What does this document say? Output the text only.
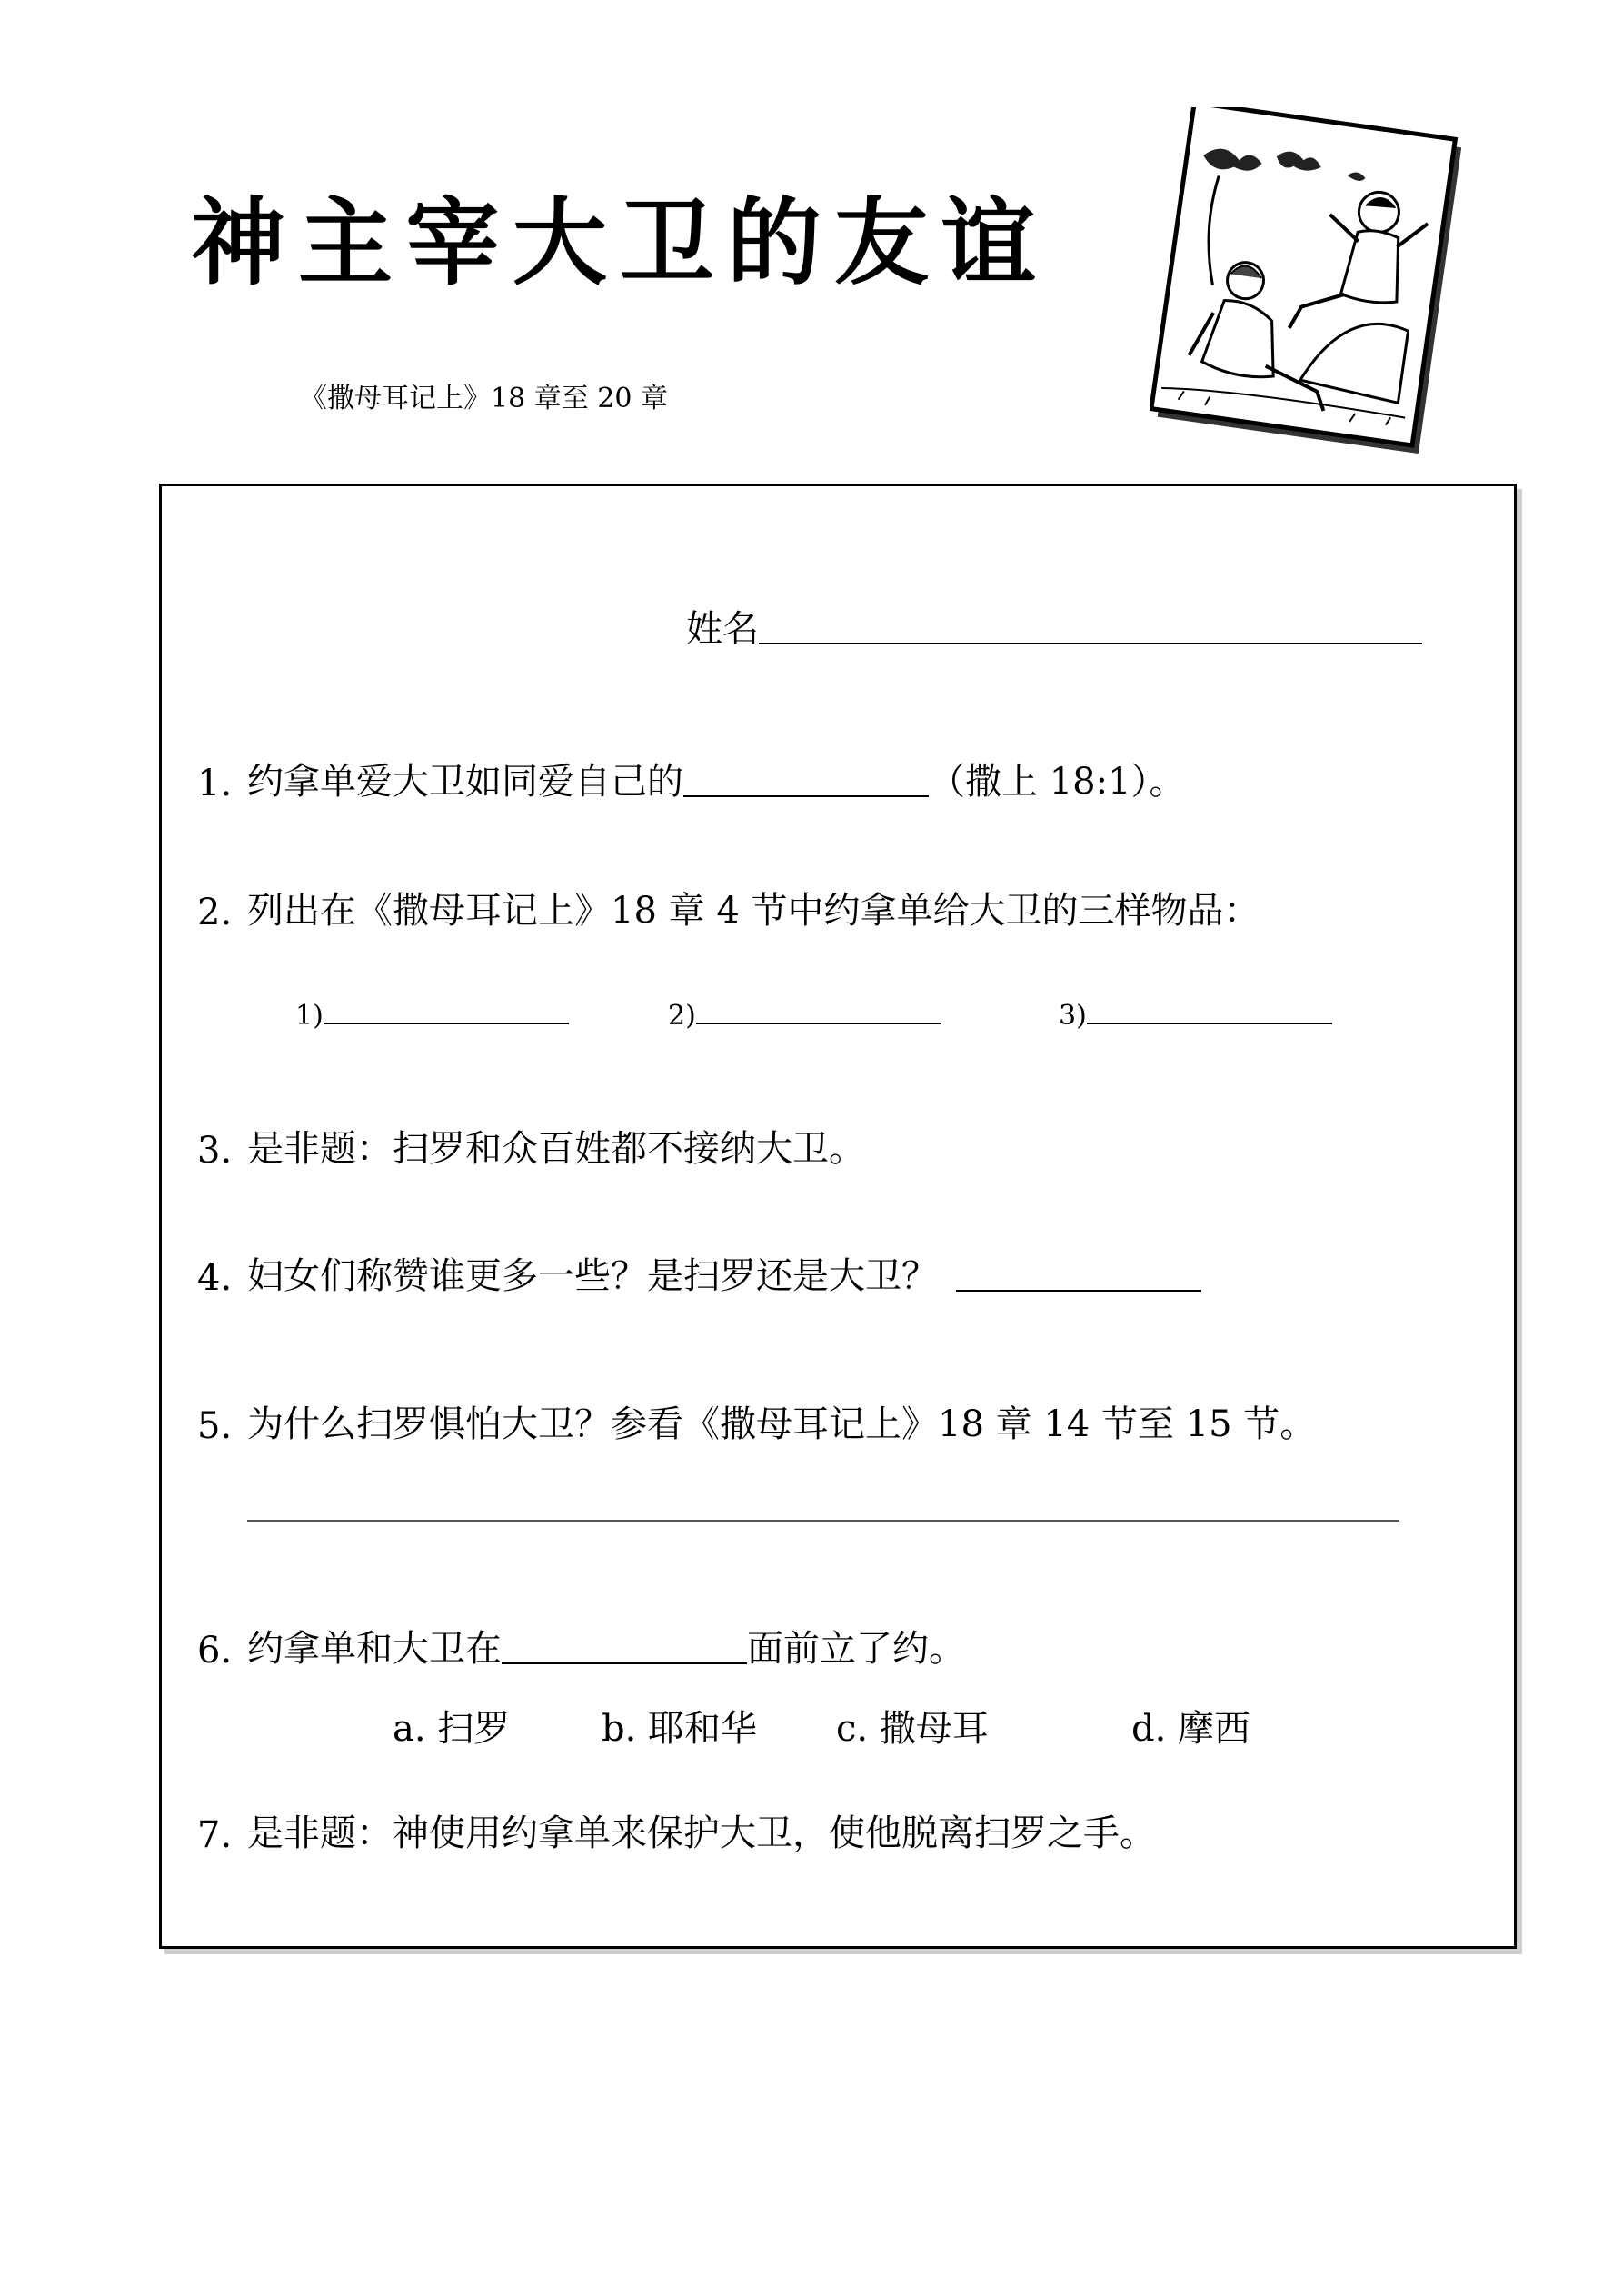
神主宰大卫的友谊
《撒母耳记上》18 章至 20 章
姓名
1. 约拿单爱大卫如同爱自己的	（撒上 18:1）。
2. 列出在《撒母耳记上》18 章 4 节中约拿单给大卫的三样物品：
1)	2)	3)
3. 是非题：扫罗和众百姓都不接纳大卫。
4. 妇女们称赞谁更多一些？是扫罗还是大卫？
5. 为什么扫罗惧怕大卫？参看《撒母耳记上》18 章 14 节至 15 节。
6. 约拿单和大卫在	面前立了约。
a. 扫罗	b. 耶和华 c. 撒母耳	d. 摩西
7. 是非题：神使用约拿单来保护大卫，使他脱离扫罗之手。
